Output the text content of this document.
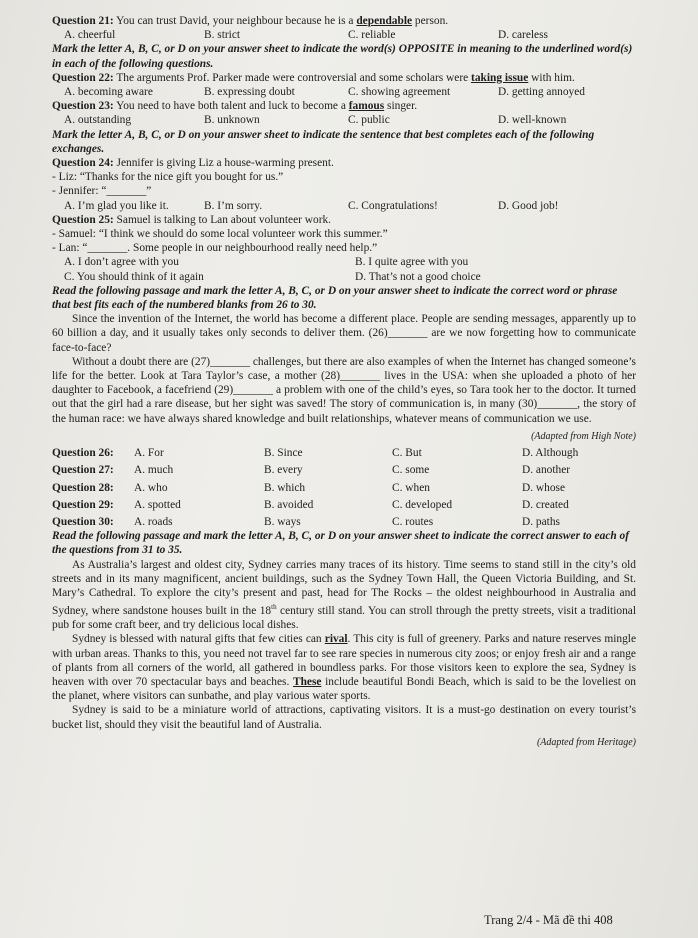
Question 21: You can trust David, your neighbour because he is a dependable person.

A. cheerful	B. strict	C. reliable	D. careless

Mark the letter A, B, C, or D on your answer sheet to indicate the word(s) OPPOSITE in meaning to the underlined word(s) in each of the following questions.

Question 22: The arguments Prof. Parker made were controversial and some scholars were taking issue with him.

A. becoming aware	B. expressing doubt	C. showing agreement	D. getting annoyed

Question 23: You need to have both talent and luck to become a famous singer.

A. outstanding	B. unknown	C. public	D. well-known

Mark the letter A, B, C, or D on your answer sheet to indicate the sentence that best completes each of the following exchanges.

Question 24: Jennifer is giving Liz a house-warming present.

- Liz: “Thanks for the nice gift you bought for us.”

- Jennifer: “_______”

A. I’m glad you like it.	B. I’m sorry.	C. Congratulations!	D. Good job!

Question 25: Samuel is talking to Lan about volunteer work.

- Samuel: “I think we should do some local volunteer work this summer.”

- Lan: “_______. Some people in our neighbourhood really need help.”

A. I don’t agree with you	B. I quite agree with you
C. You should think of it again	D. That’s not a good choice

Read the following passage and mark the letter A, B, C, or D on your answer sheet to indicate the correct word or phrase that best fits each of the numbered blanks from 26 to 30.

Since the invention of the Internet, the world has become a different place. People are sending messages, apparently up to 60 billion a day, and it usually takes only seconds to deliver them. (26)_______ are we now forgetting how to communicate face-to-face?

Without a doubt there are (27)_______ challenges, but there are also examples of when the Internet has changed someone’s life for the better. Look at Tara Taylor’s case, a mother (28)_______ lives in the USA: when she uploaded a photo of her daughter to Facebook, a facefriend (29)_______ a problem with one of the child’s eyes, so Tara took her to the doctor. It turned out that the girl had a rare disease, but her sight was saved! The story of communication is, in many (30)_______, the story of the human race: we have always shared knowledge and built relationships, whatever means of communication we use.

(Adapted from High Note)

Question 26:	A. For	B. Since	C. But	D. Although
Question 27:	A. much	B. every	C. some	D. another
Question 28:	A. who	B. which	C. when	D. whose
Question 29:	A. spotted	B. avoided	C. developed	D. created
Question 30:	A. roads	B. ways	C. routes	D. paths

Read the following passage and mark the letter A, B, C, or D on your answer sheet to indicate the correct answer to each of the questions from 31 to 35.

As Australia’s largest and oldest city, Sydney carries many traces of its history. Time seems to stand still in the city’s old streets and in its many magnificent, ancient buildings, such as the Sydney Town Hall, the Queen Victoria Building, and St. Mary’s Cathedral. To explore the city’s present and past, head for The Rocks – the oldest neighbourhood in Australia and Sydney, where sandstone houses built in the 18th century still stand. You can stroll through the pretty streets, visit a traditional pub for some craft beer, and try delicious local dishes.

Sydney is blessed with natural gifts that few cities can rival. This city is full of greenery. Parks and nature reserves mingle with urban areas. Thanks to this, you need not travel far to see rare species in numerous city zoos; or enjoy fresh air and a range of plants from all corners of the world, all gathered in boundless parks. For those visitors keen to explore the sea, Sydney is heaven with over 70 spectacular bays and beaches. These include beautiful Bondi Beach, which is said to be the loveliest on the planet, where visitors can sunbathe, and play various water sports.

Sydney is said to be a miniature world of attractions, captivating visitors. It is a must-go destination on every tourist’s bucket list, should they visit the beautiful land of Australia.

(Adapted from Heritage)

Trang 2/4 - Mã đề thi 408
